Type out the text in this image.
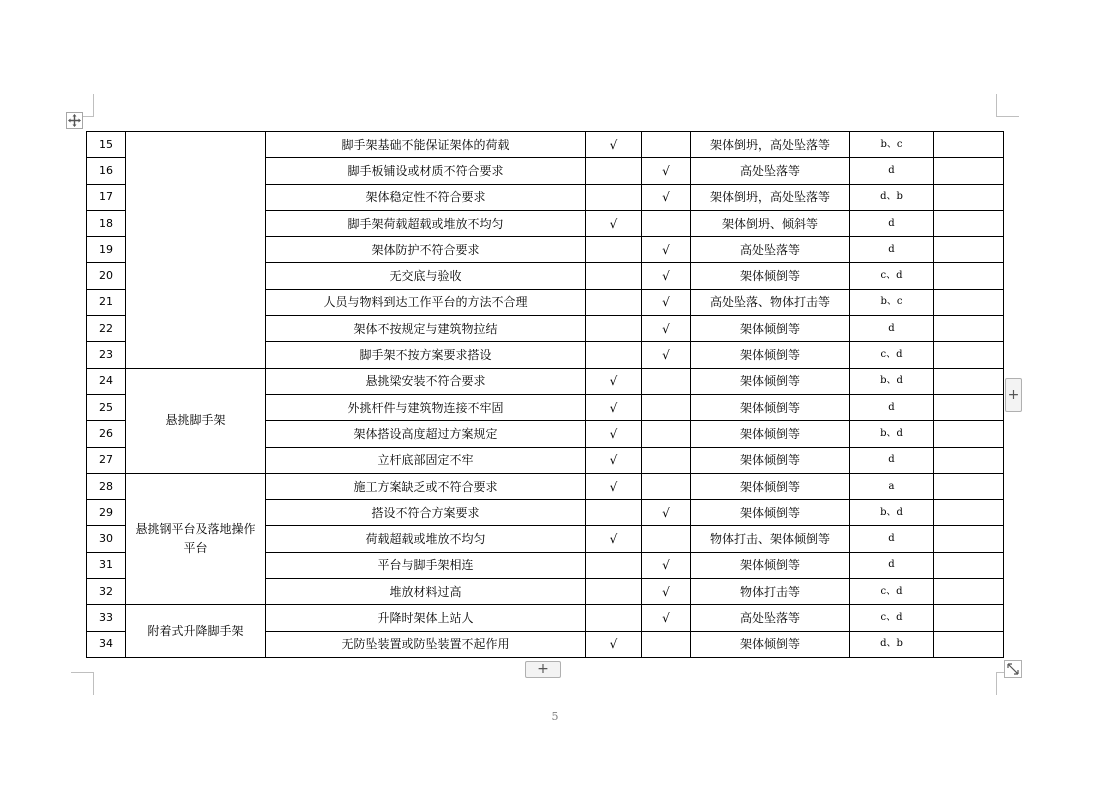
15		脚手架基础不能保证架体的荷载	√		架体倒坍，高处坠落等	b、c	
16		脚手板铺设或材质不符合要求		√	高处坠落等	d	
17		架体稳定性不符合要求		√	架体倒坍，高处坠落等	d、b	
18		脚手架荷载超载或堆放不均匀	√		架体倒坍、倾斜等	d	
19		架体防护不符合要求		√	高处坠落等	d	
20		无交底与验收		√	架体倾倒等	c、d	
21		人员与物料到达工作平台的方法不合理		√	高处坠落、物体打击等	b、c	
22		架体不按规定与建筑物拉结		√	架体倾倒等	d	
23		脚手架不按方案要求搭设		√	架体倾倒等	c、d	
24	悬挑脚手架	悬挑梁安装不符合要求	√		架体倾倒等	b、d	
25		外挑杆件与建筑物连接不牢固	√		架体倾倒等	d	
26		架体搭设高度超过方案规定	√		架体倾倒等	b、d	
27		立杆底部固定不牢	√		架体倾倒等	d	
28	悬挑钢平台及落地操作平台	施工方案缺乏或不符合要求	√		架体倾倒等	a	
29		搭设不符合方案要求		√	架体倾倒等	b、d	
30		荷载超载或堆放不均匀	√		物体打击、架体倾倒等	d	
31		平台与脚手架相连		√	架体倾倒等	d	
32		堆放材料过高		√	物体打击等	c、d	
33	附着式升降脚手架	升降时架体上站人		√	高处坠落等	c、d	
34		无防坠装置或防坠装置不起作用	√		架体倾倒等	d、b	
+
+
5
